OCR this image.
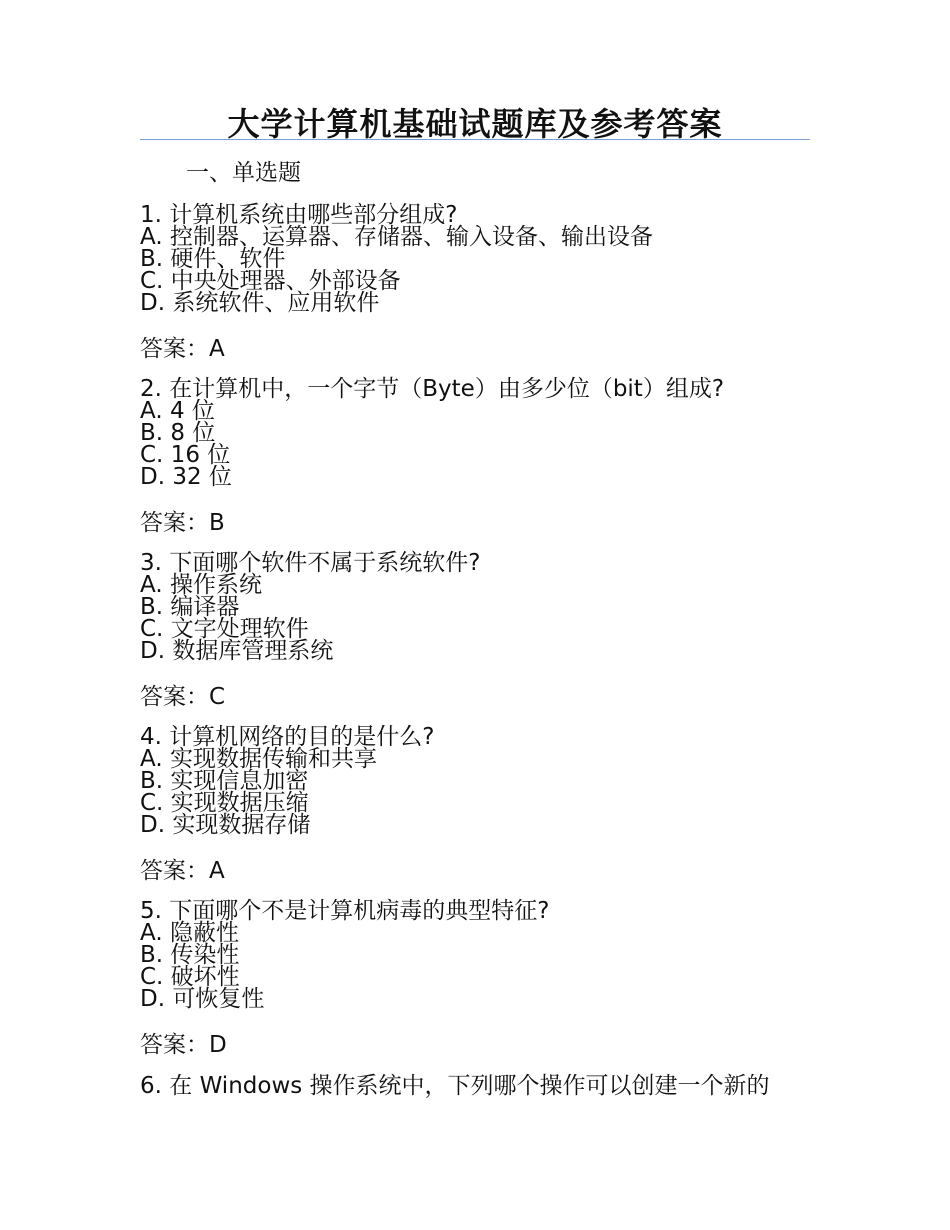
大学计算机基础试题库及参考答案
一、单选题
1. 计算机系统由哪些部分组成?
A. 控制器、运算器、存储器、输入设备、输出设备
B. 硬件、软件
C. 中央处理器、外部设备
D. 系统软件、应用软件
答案：A
2. 在计算机中，一个字节（Byte）由多少位（bit）组成?
A. 4 位
B. 8 位
C. 16 位
D. 32 位
答案：B
3. 下面哪个软件不属于系统软件?
A. 操作系统
B. 编译器
C. 文字处理软件
D. 数据库管理系统
答案：C
4. 计算机网络的目的是什么?
A. 实现数据传输和共享
B. 实现信息加密
C. 实现数据压缩
D. 实现数据存储
答案：A
5. 下面哪个不是计算机病毒的典型特征?
A. 隐蔽性
B. 传染性
C. 破坏性
D. 可恢复性
答案：D
6. 在 Windows 操作系统中，下列哪个操作可以创建一个新的
